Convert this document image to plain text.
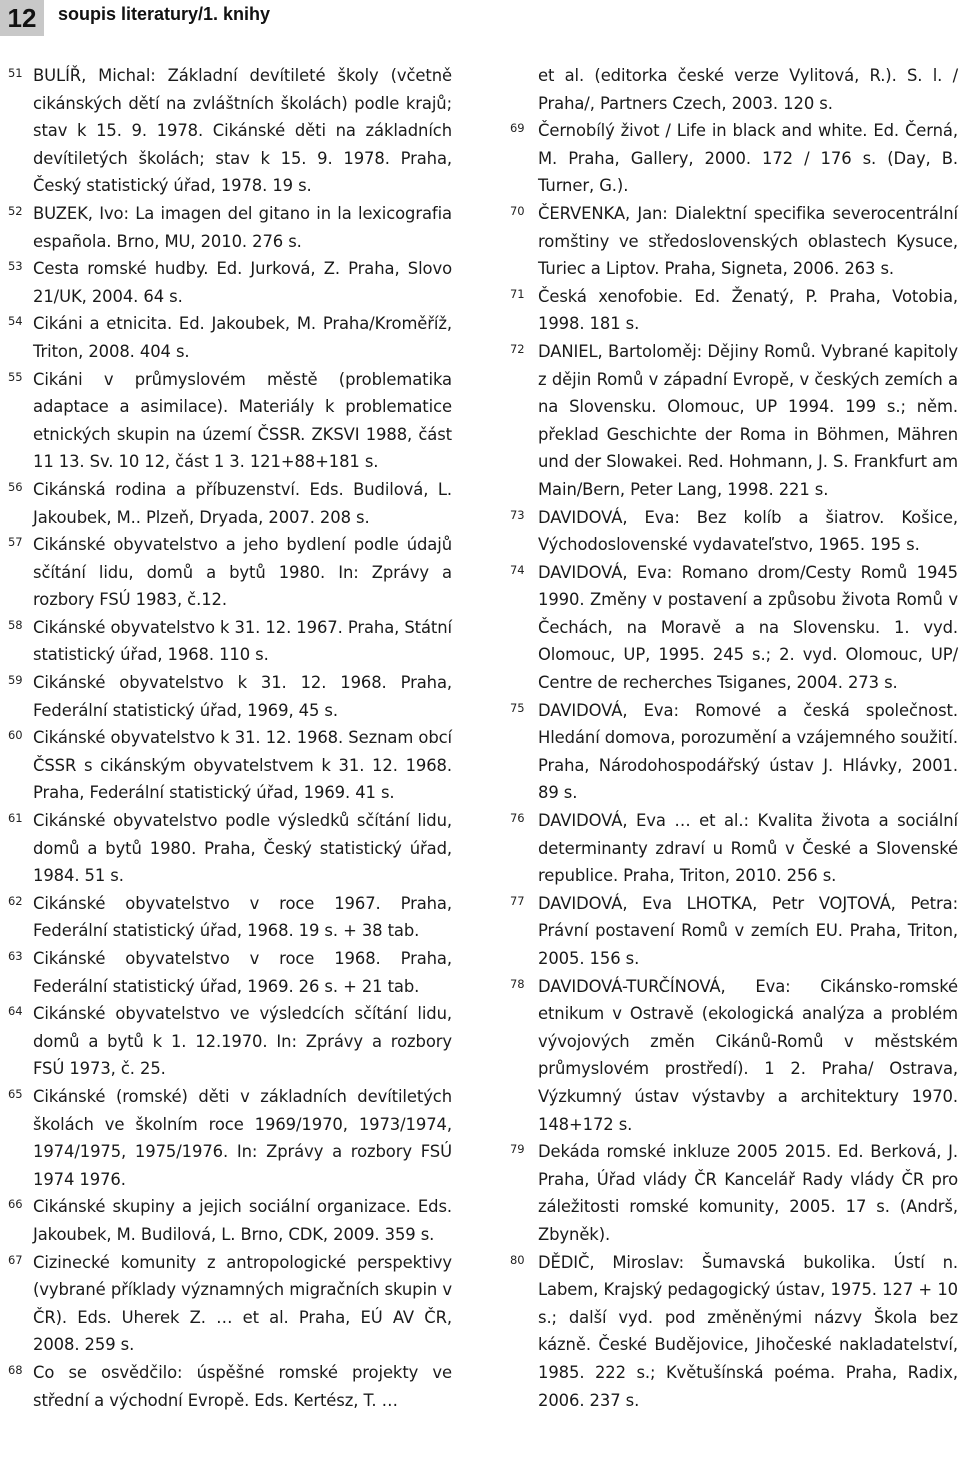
12	soupis literatury/1. knihy
51 BULÍŘ, Michal: Základní devítileté školy (včetně cikánských dětí na zvláštních školách) podle krajů; stav k 15. 9. 1978. Cikánské děti na základních devítiletých školách; stav k 15. 9. 1978. Praha, Český statistický úřad, 1978. 19 s.
52 BUZEK, Ivo: La imagen del gitano in la lexicografia española. Brno, MU, 2010. 276 s.
53 Cesta romské hudby. Ed. Jurková, Z. Praha, Slovo 21/UK, 2004. 64 s.
54 Cikáni a etnicita. Ed. Jakoubek, M. Praha/Kroměříž, Triton, 2008. 404 s.
55 Cikáni v průmyslovém městě (problematika adaptace a asimilace). Materiály k problematice etnických skupin na území ČSSR. ZKSVI 1988, část 11 13. Sv. 10 12, část 1 3. 121+88+181 s.
56 Cikánská rodina a příbuzenství. Eds. Budilová, L. Jakoubek, M.. Plzeň, Dryada, 2007. 208 s.
57 Cikánské obyvatelstvo a jeho bydlení podle údajů sčítání lidu, domů a bytů 1980. In: Zprávy a rozbory FSÚ 1983, č.12.
58 Cikánské obyvatelstvo k 31. 12. 1967. Praha, Státní statistický úřad, 1968. 110 s.
59 Cikánské obyvatelstvo k 31. 12. 1968. Praha, Federální statistický úřad, 1969, 45 s.
60 Cikánské obyvatelstvo k 31. 12. 1968. Seznam obcí ČSSR s cikánským obyvatelstvem k 31. 12. 1968. Praha, Federální statistický úřad, 1969. 41 s.
61 Cikánské obyvatelstvo podle výsledků sčítání lidu, domů a bytů 1980. Praha, Český statistický úřad, 1984. 51 s.
62 Cikánské obyvatelstvo v roce 1967. Praha, Federální statistický úřad, 1968. 19 s. + 38 tab.
63 Cikánské obyvatelstvo v roce 1968. Praha, Federální statistický úřad, 1969. 26 s. + 21 tab.
64 Cikánské obyvatelstvo ve výsledcích sčítání lidu, domů a bytů k 1. 12.1970. In: Zprávy a rozbory FSÚ 1973, č. 25.
65 Cikánské (romské) děti v základních devítiletých školách ve školním roce 1969/1970, 1973/1974, 1974/1975, 1975/1976. In: Zprávy a rozbory FSÚ 1974 1976.
66 Cikánské skupiny a jejich sociální organizace. Eds. Jakoubek, M. Budilová, L. Brno, CDK, 2009. 359 s.
67 Cizinecké komunity z antropologické perspektivy (vybrané příklady významných migračních skupin v ČR). Eds. Uherek Z. … et al. Praha, EÚ AV ČR, 2008. 259 s.
68 Co se osvědčilo: úspěšné romské projekty ve střední a východní Evropě. Eds. Kertész, T. …
et al. (editorka české verze Vylitová, R.). S. l. / Praha/, Partners Czech, 2003. 120 s.
69 Černobílý život / Life in black and white. Ed. Černá, M. Praha, Gallery, 2000. 172 / 176 s. (Day, B. Turner, G.).
70 ČERVENKA, Jan: Dialektní specifika severocentrální romštiny ve středoslovenských oblastech Kysuce, Turiec a Liptov. Praha, Signeta, 2006. 263 s.
71 Česká xenofobie. Ed. Ženatý, P. Praha, Votobia, 1998. 181 s.
72 DANIEL, Bartoloměj: Dějiny Romů. Vybrané kapitoly z dějin Romů v západní Evropě, v českých zemích a na Slovensku. Olomouc, UP 1994. 199 s.; něm. překlad Geschichte der Roma in Böhmen, Mähren und der Slowakei. Red. Hohmann, J. S. Frankfurt am Main/Bern, Peter Lang, 1998. 221 s.
73 DAVIDOVÁ, Eva: Bez kolíb a šiatrov. Košice, Východoslovenské vydavateľstvo, 1965. 195 s.
74 DAVIDOVÁ, Eva: Romano drom/Cesty Romů 1945 1990. Změny v postavení a způsobu života Romů v Čechách, na Moravě a na Slovensku. 1. vyd. Olomouc, UP, 1995. 245 s.; 2. vyd. Olomouc, UP/ Centre de recherches Tsiganes, 2004. 273 s.
75 DAVIDOVÁ, Eva: Romové a česká společnost. Hledání domova, porozumění a vzájemného soužití. Praha, Národohospodářský ústav J. Hlávky, 2001. 89 s.
76 DAVIDOVÁ, Eva … et al.: Kvalita života a sociální determinanty zdraví u Romů v České a Slovenské republice. Praha, Triton, 2010. 256 s.
77 DAVIDOVÁ, Eva LHOTKA, Petr VOJTOVÁ, Petra: Právní postavení Romů v zemích EU. Praha, Triton, 2005. 156 s.
78 DAVIDOVÁ-TURČÍNOVÁ, Eva: Cikánsko-romské etnikum v Ostravě (ekologická analýza a problém vývojových změn Cikánů-Romů v městském průmyslovém prostředí). 1 2. Praha/ Ostrava, Výzkumný ústav výstavby a architektury 1970. 148+172 s.
79 Dekáda romské inkluze 2005 2015. Ed. Berková, J. Praha, Úřad vlády ČR Kancelář Rady vlády ČR pro záležitosti romské komunity, 2005. 17 s. (Andrš, Zbyněk).
80 DĚDIČ, Miroslav: Šumavská bukolika. Ústí n. Labem, Krajský pedagogický ústav, 1975. 127 + 10 s.; další vyd. pod změněnými názvy Škola bez kázně. České Budějovice, Jihočeské nakladatelství, 1985. 222 s.; Květušínská poéma. Praha, Radix, 2006. 237 s.
